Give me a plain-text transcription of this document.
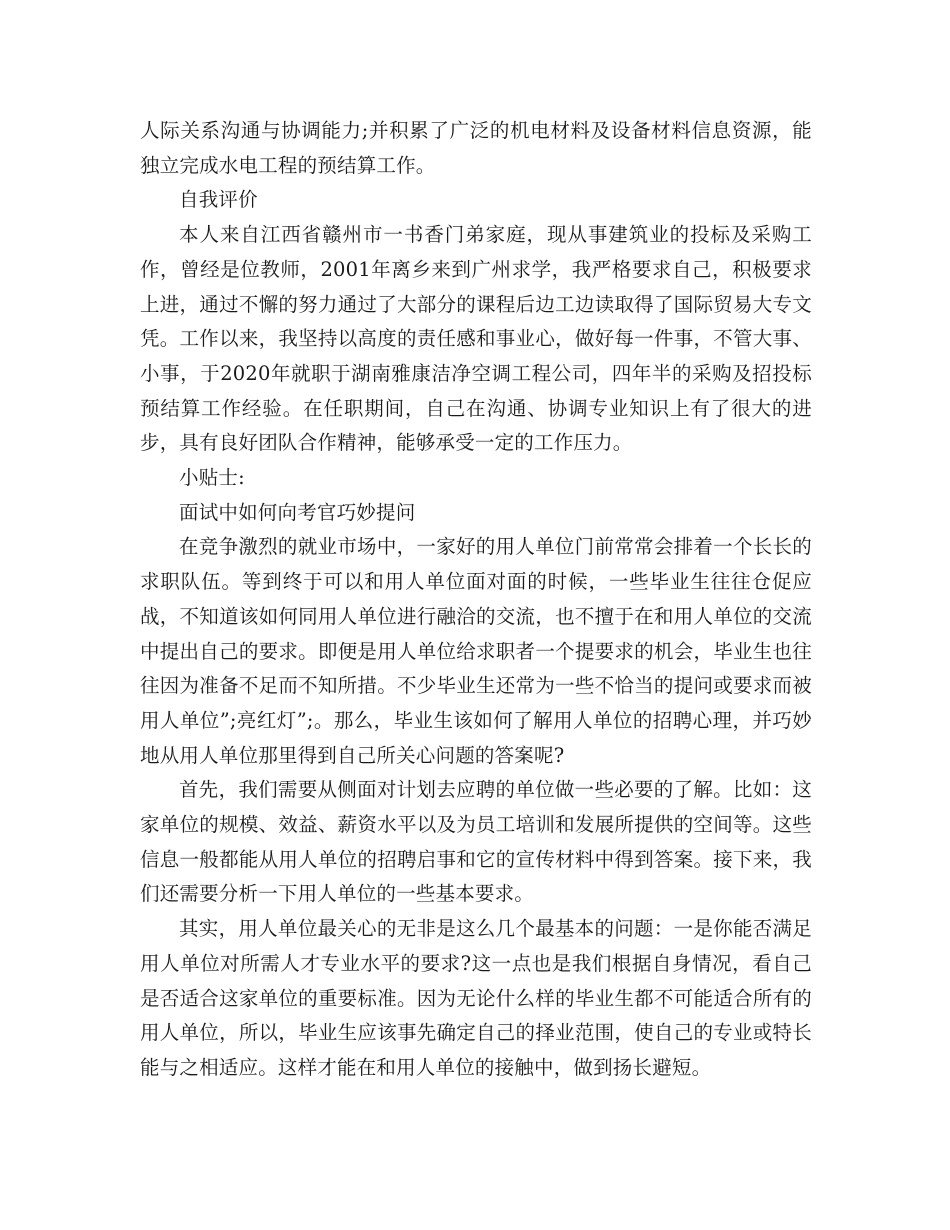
人际关系沟通与协调能力;并积累了广泛的机电材料及设备材料信息资源，能独立完成水电工程的预结算工作。

自我评价

本人来自江西省赣州市一书香门弟家庭，现从事建筑业的投标及采购工作，曾经是位教师，2001年离乡来到广州求学，我严格要求自己，积极要求上进，通过不懈的努力通过了大部分的课程后边工边读取得了国际贸易大专文凭。工作以来，我坚持以高度的责任感和事业心，做好每一件事，不管大事、小事，于2020年就职于湖南雅康洁净空调工程公司，四年半的采购及招投标预结算工作经验。在任职期间，自己在沟通、协调专业知识上有了很大的进步，具有良好团队合作精神，能够承受一定的工作压力。

小贴士:

面试中如何向考官巧妙提问

在竞争激烈的就业市场中，一家好的用人单位门前常常会排着一个长长的求职队伍。等到终于可以和用人单位面对面的时候，一些毕业生往往仓促应战，不知道该如何同用人单位进行融洽的交流，也不擅于在和用人单位的交流中提出自己的要求。即便是用人单位给求职者一个提要求的机会，毕业生也往往因为准备不足而不知所措。不少毕业生还常为一些不恰当的提问或要求而被用人单位”;亮红灯”;。那么，毕业生该如何了解用人单位的招聘心理，并巧妙地从用人单位那里得到自己所关心问题的答案呢?

首先，我们需要从侧面对计划去应聘的单位做一些必要的了解。比如：这家单位的规模、效益、薪资水平以及为员工培训和发展所提供的空间等。这些信息一般都能从用人单位的招聘启事和它的宣传材料中得到答案。接下来，我们还需要分析一下用人单位的一些基本要求。

其实，用人单位最关心的无非是这么几个最基本的问题：一是你能否满足用人单位对所需人才专业水平的要求?这一点也是我们根据自身情况，看自己是否适合这家单位的重要标准。因为无论什么样的毕业生都不可能适合所有的用人单位，所以，毕业生应该事先确定自己的择业范围，使自己的专业或特长能与之相适应。这样才能在和用人单位的接触中，做到扬长避短。
